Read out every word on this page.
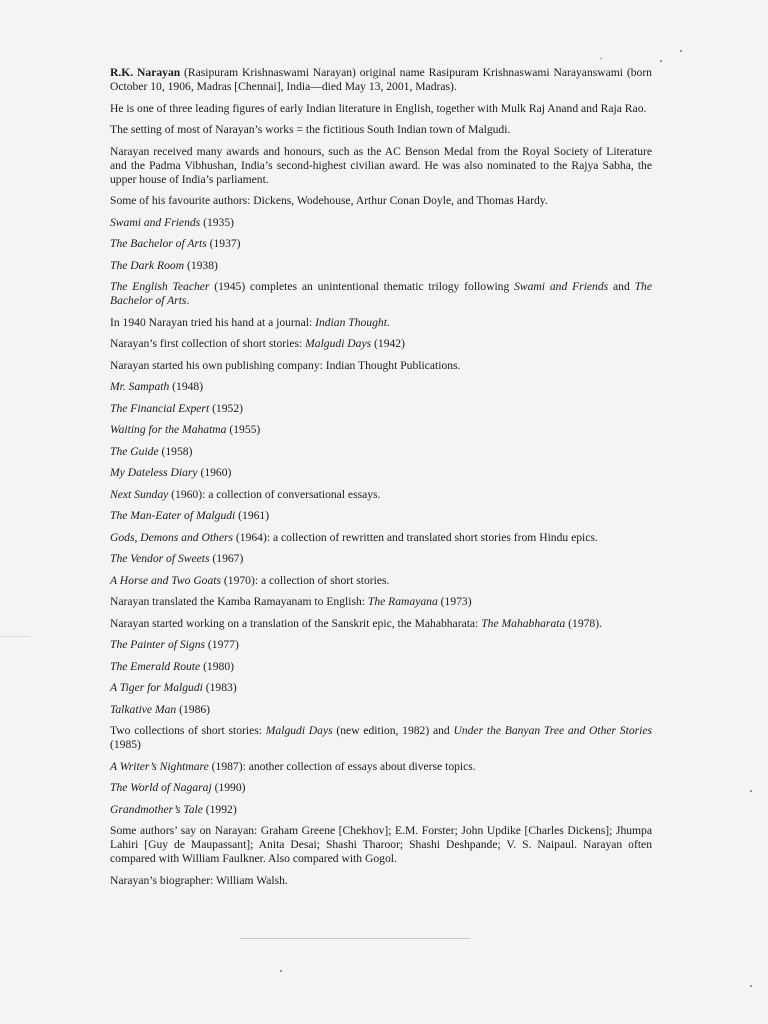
R.K. Narayan (Rasipuram Krishnaswami Narayan) original name Rasipuram Krishnaswami Narayanswami (born October 10, 1906, Madras [Chennai], India—died May 13, 2001, Madras).

He is one of three leading figures of early Indian literature in English, together with Mulk Raj Anand and Raja Rao.

The setting of most of Narayan’s works = the fictitious South Indian town of Malgudi.

Narayan received many awards and honours, such as the AC Benson Medal from the Royal Society of Literature and the Padma Vibhushan, India’s second-highest civilian award. He was also nominated to the Rajya Sabha, the upper house of India’s parliament.

Some of his favourite authors: Dickens, Wodehouse, Arthur Conan Doyle, and Thomas Hardy.

Swami and Friends (1935)

The Bachelor of Arts (1937)

The Dark Room (1938)

The English Teacher (1945) completes an unintentional thematic trilogy following Swami and Friends and The Bachelor of Arts.

In 1940 Narayan tried his hand at a journal: Indian Thought.

Narayan’s first collection of short stories: Malgudi Days (1942)

Narayan started his own publishing company: Indian Thought Publications.

Mr. Sampath (1948)

The Financial Expert (1952)

Waiting for the Mahatma (1955)

The Guide (1958)

My Dateless Diary (1960)

Next Sunday (1960): a collection of conversational essays.

The Man-Eater of Malgudi (1961)

Gods, Demons and Others (1964): a collection of rewritten and translated short stories from Hindu epics.

The Vendor of Sweets (1967)

A Horse and Two Goats (1970): a collection of short stories.

Narayan translated the Kamba Ramayanam to English: The Ramayana (1973)

Narayan started working on a translation of the Sanskrit epic, the Mahabharata: The Mahabharata (1978).

The Painter of Signs (1977)

The Emerald Route (1980)

A Tiger for Malgudi (1983)

Talkative Man (1986)

Two collections of short stories: Malgudi Days (new edition, 1982) and Under the Banyan Tree and Other Stories (1985)

A Writer’s Nightmare (1987): another collection of essays about diverse topics.

The World of Nagaraj (1990)

Grandmother’s Tale (1992)

Some authors’ say on Narayan: Graham Greene [Chekhov]; E.M. Forster; John Updike [Charles Dickens]; Jhumpa Lahiri [Guy de Maupassant]; Anita Desai; Shashi Tharoor; Shashi Deshpande; V. S. Naipaul. Narayan often compared with William Faulkner. Also compared with Gogol.

Narayan’s biographer: William Walsh.
